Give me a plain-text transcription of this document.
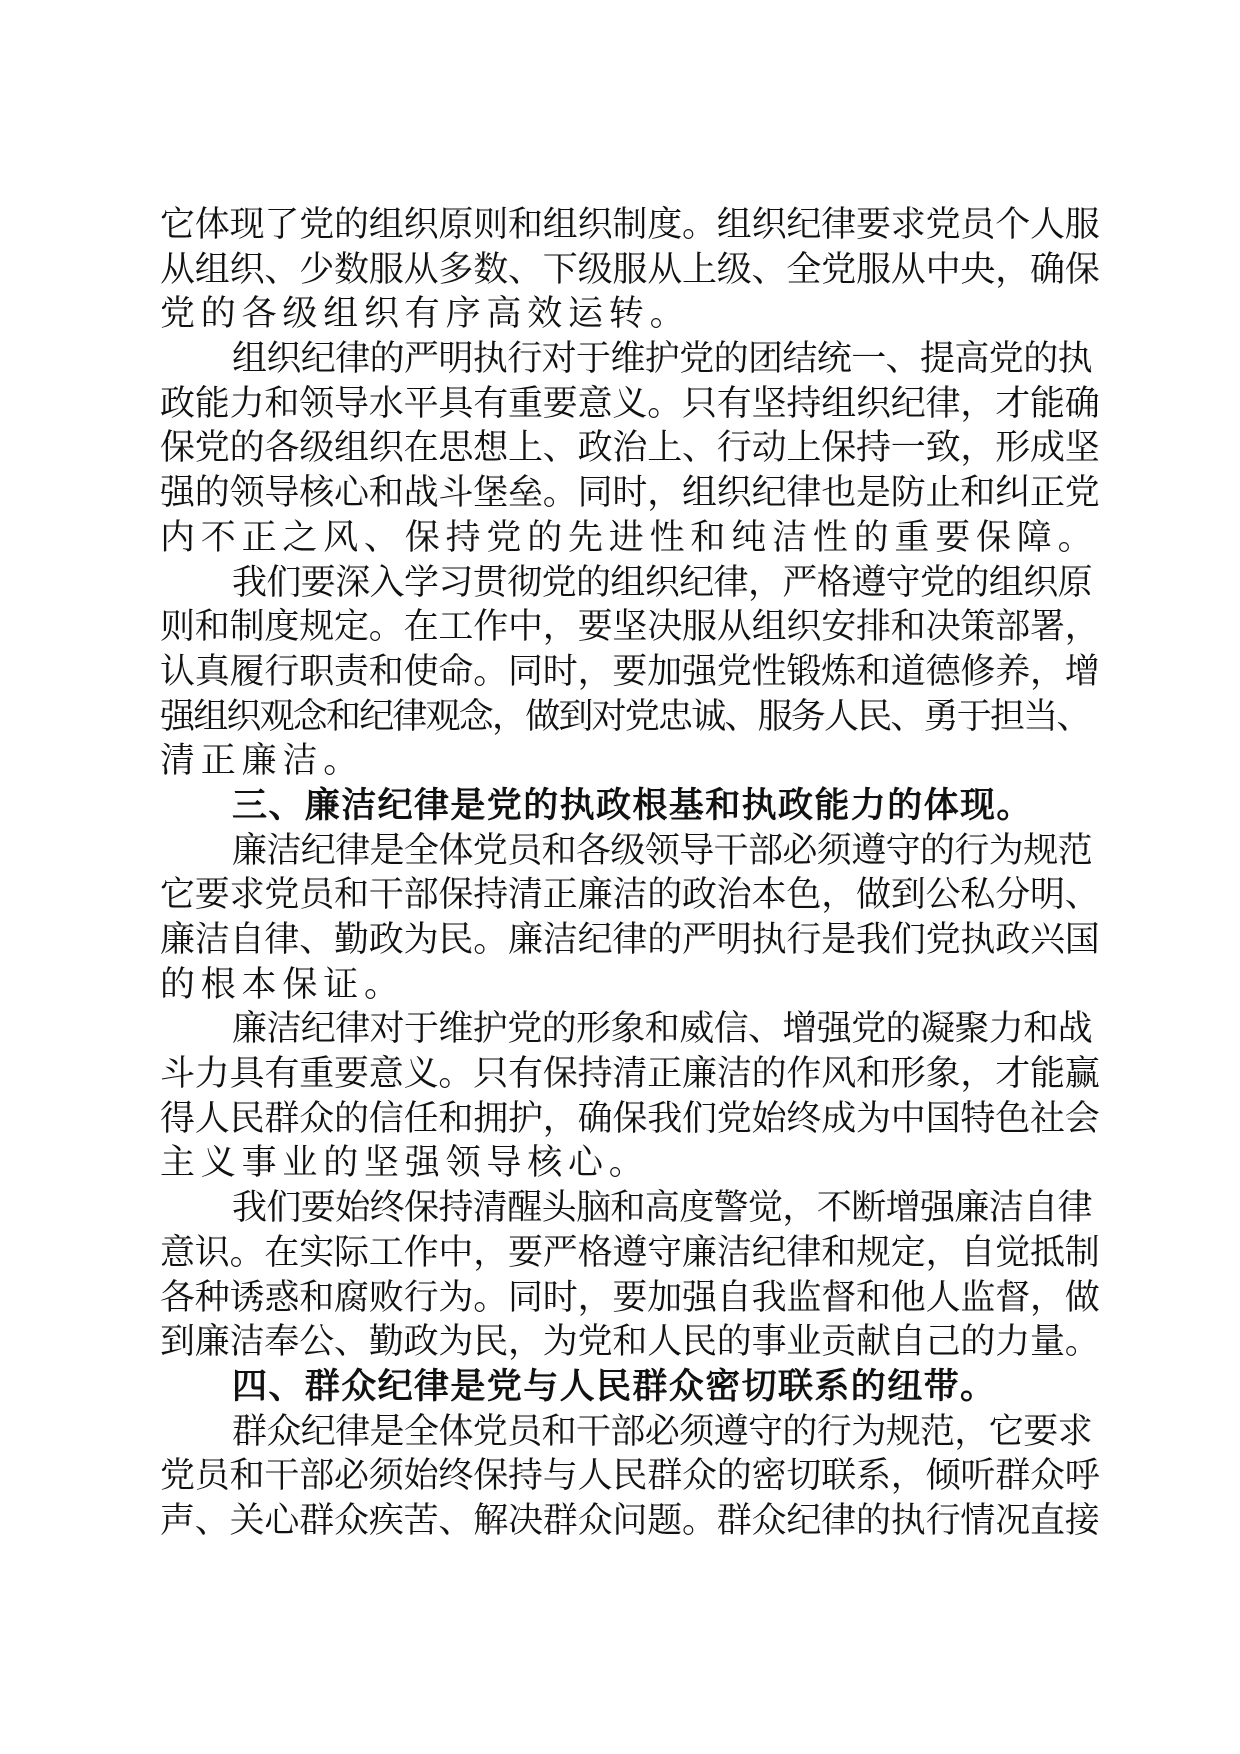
它体现了党的组织原则和组织制度。组织纪律要求党员个人服
从组织、少数服从多数、下级服从上级、全党服从中央，确保
党的各级组织有序高效运转。
组织纪律的严明执行对于维护党的团结统一、提高党的执
政能力和领导水平具有重要意义。只有坚持组织纪律，才能确
保党的各级组织在思想上、政治上、行动上保持一致，形成坚
强的领导核心和战斗堡垒。同时，组织纪律也是防止和纠正党
内不正之风、保持党的先进性和纯洁性的重要保障。
我们要深入学习贯彻党的组织纪律，严格遵守党的组织原
则和制度规定。在工作中，要坚决服从组织安排和决策部署，
认真履行职责和使命。同时，要加强党性锻炼和道德修养，增
强组织观念和纪律观念，做到对党忠诚、服务人民、勇于担当、
清正廉洁。
三、廉洁纪律是党的执政根基和执政能力的体现。
廉洁纪律是全体党员和各级领导干部必须遵守的行为规范
它要求党员和干部保持清正廉洁的政治本色，做到公私分明、
廉洁自律、勤政为民。廉洁纪律的严明执行是我们党执政兴国
的根本保证。
廉洁纪律对于维护党的形象和威信、增强党的凝聚力和战
斗力具有重要意义。只有保持清正廉洁的作风和形象，才能赢
得人民群众的信任和拥护，确保我们党始终成为中国特色社会
主义事业的坚强领导核心。
我们要始终保持清醒头脑和高度警觉，不断增强廉洁自律
意识。在实际工作中，要严格遵守廉洁纪律和规定，自觉抵制
各种诱惑和腐败行为。同时，要加强自我监督和他人监督，做
到廉洁奉公、勤政为民，为党和人民的事业贡献自己的力量。
四、群众纪律是党与人民群众密切联系的纽带。
群众纪律是全体党员和干部必须遵守的行为规范，它要求
党员和干部必须始终保持与人民群众的密切联系，倾听群众呼
声、关心群众疾苦、解决群众问题。群众纪律的执行情况直接
